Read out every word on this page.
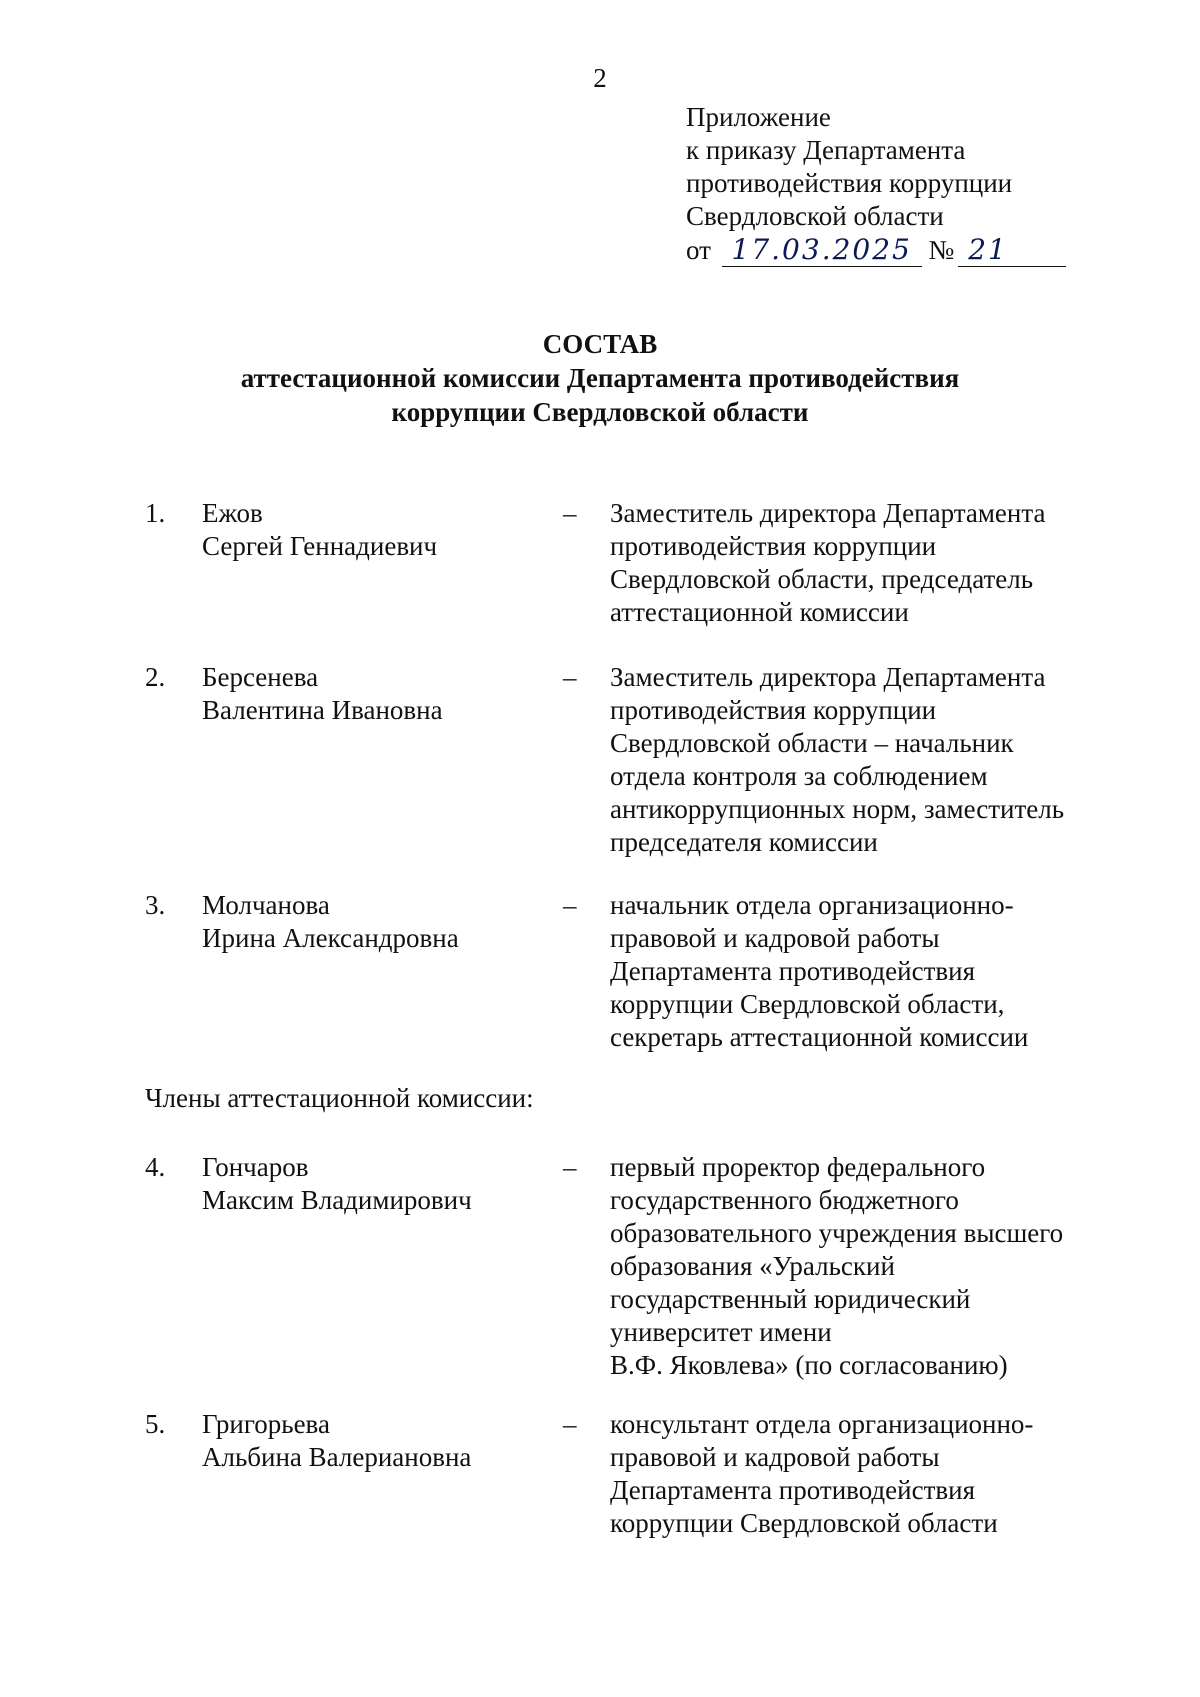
2
Приложение
к приказу Департамента
противодействия коррупции
Свердловской области
от 17.03.2025 № 21
СОСТАВ
аттестационной комиссии Департамента противодействия
коррупции Свердловской области
1. Ежов
Сергей Геннадиевич
– Заместитель директора Департамента
противодействия коррупции
Свердловской области, председатель
аттестационной комиссии
2. Берсенева
Валентина Ивановна
– Заместитель директора Департамента
противодействия коррупции
Свердловской области – начальник
отдела контроля за соблюдением
антикоррупционных норм, заместитель
председателя комиссии
3. Молчанова
Ирина Александровна
– начальник отдела организационно-
правовой и кадровой работы
Департамента противодействия
коррупции Свердловской области,
секретарь аттестационной комиссии
4. Гончаров
Максим Владимирович
– первый проректор федерального
государственного бюджетного
образовательного учреждения высшего
образования «Уральский
государственный юридический
университет имени
В.Ф. Яковлева» (по согласованию)
5. Григорьева
Альбина Валериановна
– консультант отдела организационно-
правовой и кадровой работы
Департамента противодействия
коррупции Свердловской области
Члены аттестационной комиссии:
